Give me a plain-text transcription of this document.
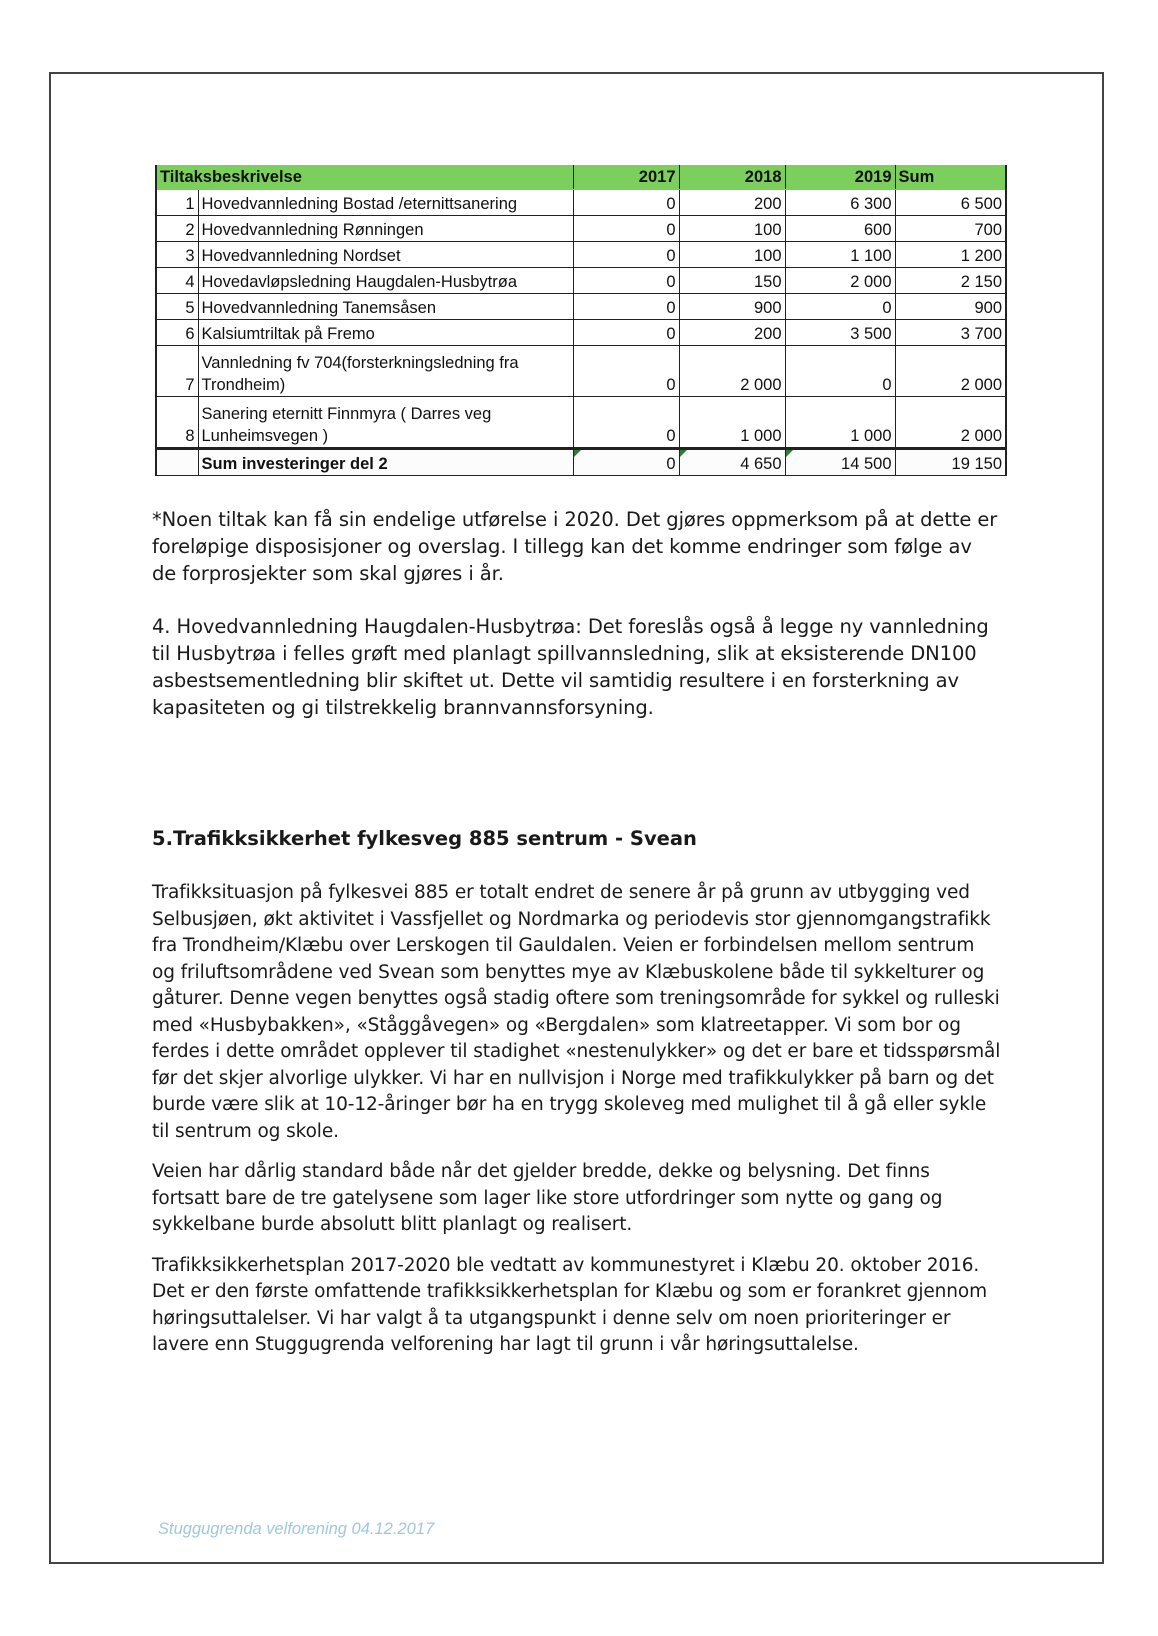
Tiltaksbeskrivelse		2017	2018	2019	Sum
1	Hovedvannledning Bostad /eternittsanering	0	200	6 300	6 500
2	Hovedvannledning Rønningen	0	100	600	700
3	Hovedvannledning Nordset	0	100	1 100	1 200
4	Hovedavløpsledning Haugdalen-Husbytrøa	0	150	2 000	2 150
5	Hovedvannledning Tanemsåsen	0	900	0	900
6	Kalsiumtriltak på Fremo	0	200	3 500	3 700
7	Vannledning fv 704(forsterkningsledning fra
Trondheim)	0	2 000	0	2 000
8	Sanering eternitt Finnmyra ( Darres veg
Lunheimsvegen )	0	1 000	1 000	2 000
	Sum investeringer del 2	0	4 650	14 500	19 150

*Noen tiltak kan få sin endelige utførelse i 2020. Det gjøres oppmerksom på at dette er foreløpige disposisjoner og overslag. I tillegg kan det komme endringer som følge av de forprosjekter som skal gjøres i år.

4. Hovedvannledning Haugdalen-Husbytrøa: Det foreslås også å legge ny vannledning til Husbytrøa i felles grøft med planlagt spillvannsledning, slik at eksisterende DN100 asbestsementledning blir skiftet ut. Dette vil samtidig resultere i en forsterkning av kapasiteten og gi tilstrekkelig brannvannsforsyning.

5.Trafikksikkerhet fylkesveg 885 sentrum - Svean

Trafikksituasjon på fylkesvei 885 er totalt endret de senere år på grunn av utbygging ved Selbusjøen, økt aktivitet i Vassfjellet og Nordmarka og periodevis stor gjennomgangstrafikk fra Trondheim/Klæbu over Lerskogen til Gauldalen. Veien er forbindelsen mellom sentrum og friluftsområdene ved Svean som benyttes mye av Klæbuskolene både til sykkelturer og gåturer. Denne vegen benyttes også stadig oftere som treningsområde for sykkel og rulleski med «Husbybakken», «Ståggåvegen» og «Bergdalen» som klatreetapper. Vi som bor og ferdes i dette området opplever til stadighet «nestenulykker» og det er bare et tidsspørsmål før det skjer alvorlige ulykker. Vi har en nullvisjon i Norge med trafikkulykker på barn og det burde være slik at 10-12-åringer bør ha en trygg skoleveg med mulighet til å gå eller sykle til sentrum og skole.

Veien har dårlig standard både når det gjelder bredde, dekke og belysning. Det finns fortsatt bare de tre gatelysene som lager like store utfordringer som nytte og gang og sykkelbane burde absolutt blitt planlagt og realisert.

Trafikksikkerhetsplan 2017-2020 ble vedtatt av kommunestyret i Klæbu 20. oktober 2016. Det er den første omfattende trafikksikkerhetsplan for Klæbu og som er forankret gjennom høringsuttalelser. Vi har valgt å ta utgangspunkt i denne selv om noen prioriteringer er lavere enn Stuggugrenda velforening har lagt til grunn i vår høringsuttalelse.

Stuggugrenda velforening 04.12.2017
